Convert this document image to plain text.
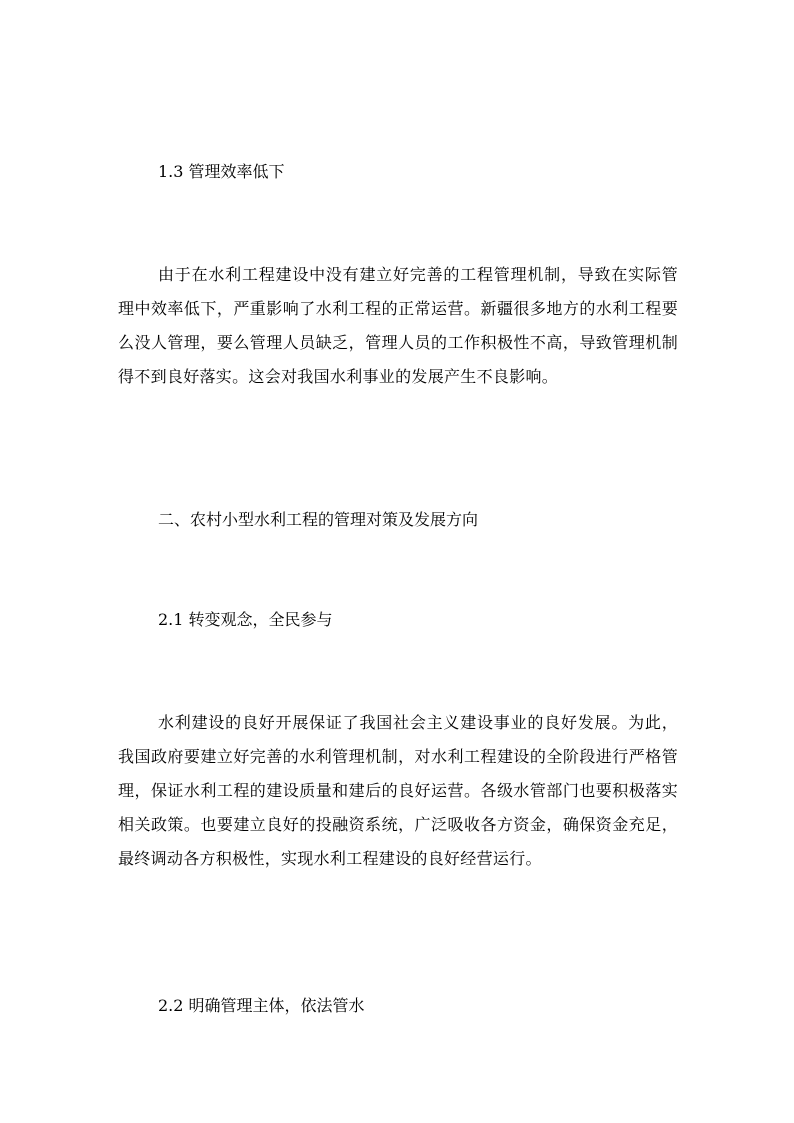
1.3 管理效率低下
由于在水利工程建设中没有建立好完善的工程管理机制，导致在实际管理中效率低下，严重影响了水利工程的正常运营。新疆很多地方的水利工程要么没人管理，要么管理人员缺乏，管理人员的工作积极性不高，导致管理机制得不到良好落实。这会对我国水利事业的发展产生不良影响。
二、农村小型水利工程的管理对策及发展方向
2.1 转变观念，全民参与
水利建设的良好开展保证了我国社会主义建设事业的良好发展。为此，我国政府要建立好完善的水利管理机制，对水利工程建设的全阶段进行严格管理，保证水利工程的建设质量和建后的良好运营。各级水管部门也要积极落实相关政策。也要建立良好的投融资系统，广泛吸收各方资金，确保资金充足，最终调动各方积极性，实现水利工程建设的良好经营运行。
2.2 明确管理主体，依法管水
